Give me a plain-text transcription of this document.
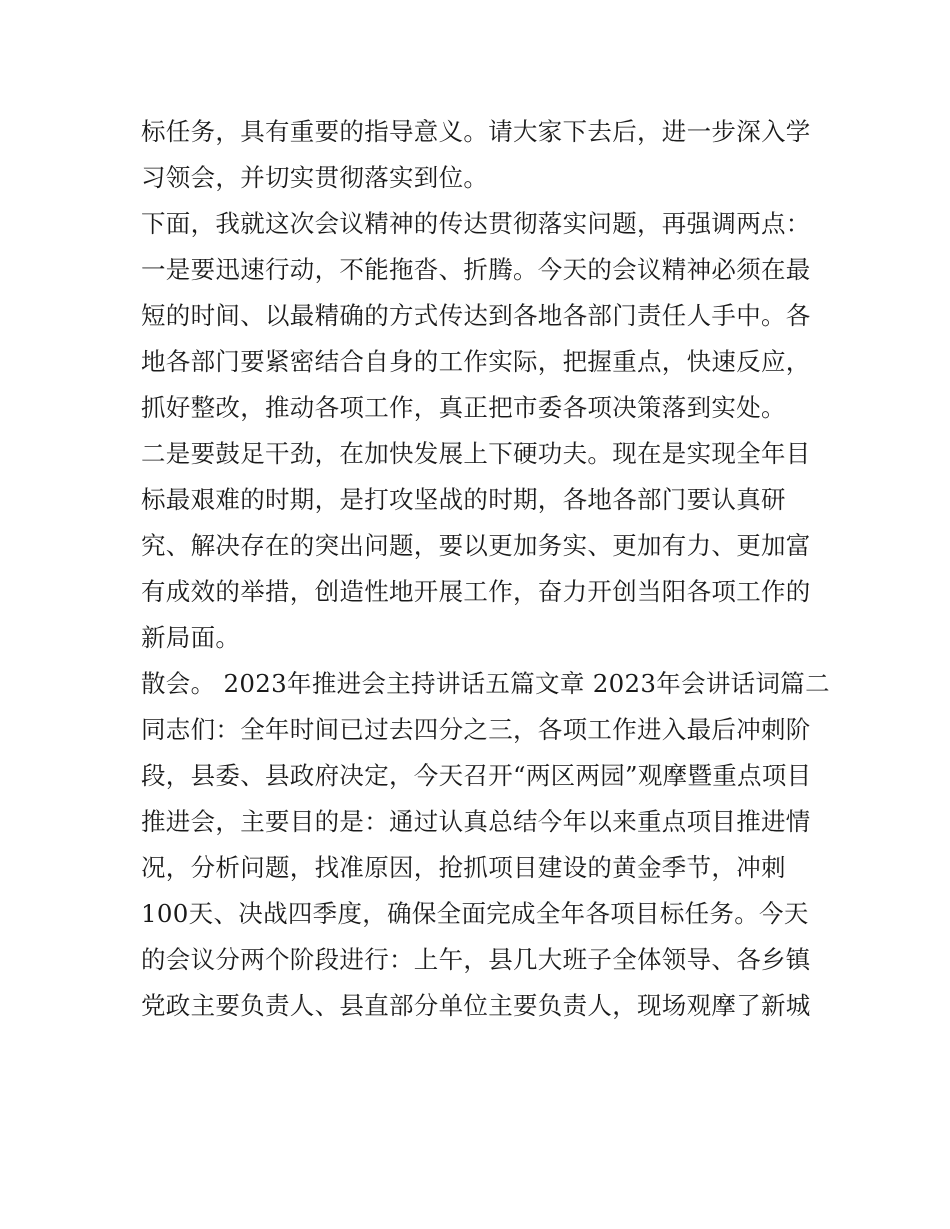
标任务，具有重要的指导意义。请大家下去后，进一步深入学
习领会，并切实贯彻落实到位。
下面，我就这次会议精神的传达贯彻落实问题，再强调两点：
一是要迅速行动，不能拖沓、折腾。今天的会议精神必须在最
短的时间、以最精确的方式传达到各地各部门责任人手中。各
地各部门要紧密结合自身的工作实际，把握重点，快速反应，
抓好整改，推动各项工作，真正把市委各项决策落到实处。
二是要鼓足干劲，在加快发展上下硬功夫。现在是实现全年目
标最艰难的时期，是打攻坚战的时期，各地各部门要认真研
究、解决存在的突出问题，要以更加务实、更加有力、更加富
有成效的举措，创造性地开展工作，奋力开创当阳各项工作的
新局面。
散会。 2023年推进会主持讲话五篇文章 2023年会讲话词篇二
同志们：全年时间已过去四分之三，各项工作进入最后冲刺阶
段，县委、县政府决定，今天召开“两区两园”观摩暨重点项目
推进会，主要目的是：通过认真总结今年以来重点项目推进情
况，分析问题，找准原因，抢抓项目建设的黄金季节，冲刺
100天、决战四季度，确保全面完成全年各项目标任务。今天
的会议分两个阶段进行：上午，县几大班子全体领导、各乡镇
党政主要负责人、县直部分单位主要负责人，现场观摩了新城
